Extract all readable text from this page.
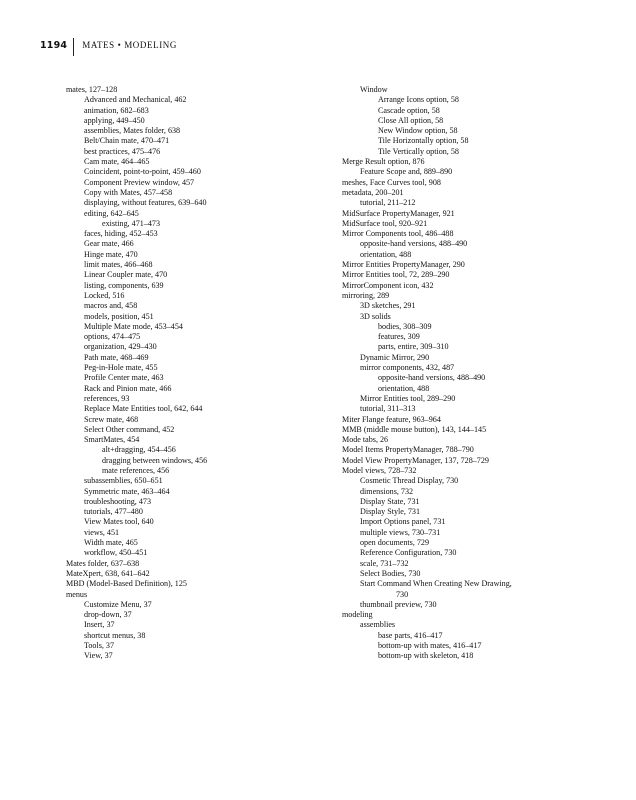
1194 MATES • MODELING
mates, 127–128
Advanced and Mechanical, 462
animation, 682–683
applying, 449–450
assemblies, Mates folder, 638
Belt/Chain mate, 470–471
best practices, 475–476
Cam mate, 464–465
Coincident, point-to-point, 459–460
Component Preview window, 457
Copy with Mates, 457–458
displaying, without features, 639–640
editing, 642–645
existing, 471–473
faces, hiding, 452–453
Gear mate, 466
Hinge mate, 470
limit mates, 466–468
Linear Coupler mate, 470
listing, components, 639
Locked, 516
macros and, 458
models, position, 451
Multiple Mate mode, 453–454
options, 474–475
organization, 429–430
Path mate, 468–469
Peg-in-Hole mate, 455
Profile Center mate, 463
Rack and Pinion mate, 466
references, 93
Replace Mate Entities tool, 642, 644
Screw mate, 468
Select Other command, 452
SmartMates, 454
alt+dragging, 454–456
dragging between windows, 456
mate references, 456
subassemblies, 650–651
Symmetric mate, 463–464
troubleshooting, 473
tutorials, 477–480
View Mates tool, 640
views, 451
Width mate, 465
workflow, 450–451
Mates folder, 637–638
MateXpert, 638, 641–642
MBD (Model-Based Definition), 125
menus
Customize Menu, 37
drop-down, 37
Insert, 37
shortcut menus, 38
Tools, 37
View, 37
Window
Arrange Icons option, 58
Cascade option, 58
Close All option, 58
New Window option, 58
Tile Horizontally option, 58
Tile Vertically option, 58
Merge Result option, 876
Feature Scope and, 889–890
meshes, Face Curves tool, 908
metadata, 200–201
tutorial, 211–212
MidSurface PropertyManager, 921
MidSurface tool, 920–921
Mirror Components tool, 486–488
opposite-hand versions, 488–490
orientation, 488
Mirror Entities PropertyManager, 290
Mirror Entities tool, 72, 289–290
MirrorComponent icon, 432
mirroring, 289
3D sketches, 291
3D solids
bodies, 308–309
features, 309
parts, entire, 309–310
Dynamic Mirror, 290
mirror components, 432, 487
opposite-hand versions, 488–490
orientation, 488
Mirror Entities tool, 289–290
tutorial, 311–313
Miter Flange feature, 963–964
MMB (middle mouse button), 143, 144–145
Mode tabs, 26
Model Items PropertyManager, 788–790
Model View PropertyManager, 137, 728–729
Model views, 728–732
Cosmetic Thread Display, 730
dimensions, 732
Display State, 731
Display Style, 731
Import Options panel, 731
multiple views, 730–731
open documents, 729
Reference Configuration, 730
scale, 731–732
Select Bodies, 730
Start Command When Creating New Drawing,
730
thumbnail preview, 730
modeling
assemblies
base parts, 416–417
bottom-up with mates, 416–417
bottom-up with skeleton, 418
